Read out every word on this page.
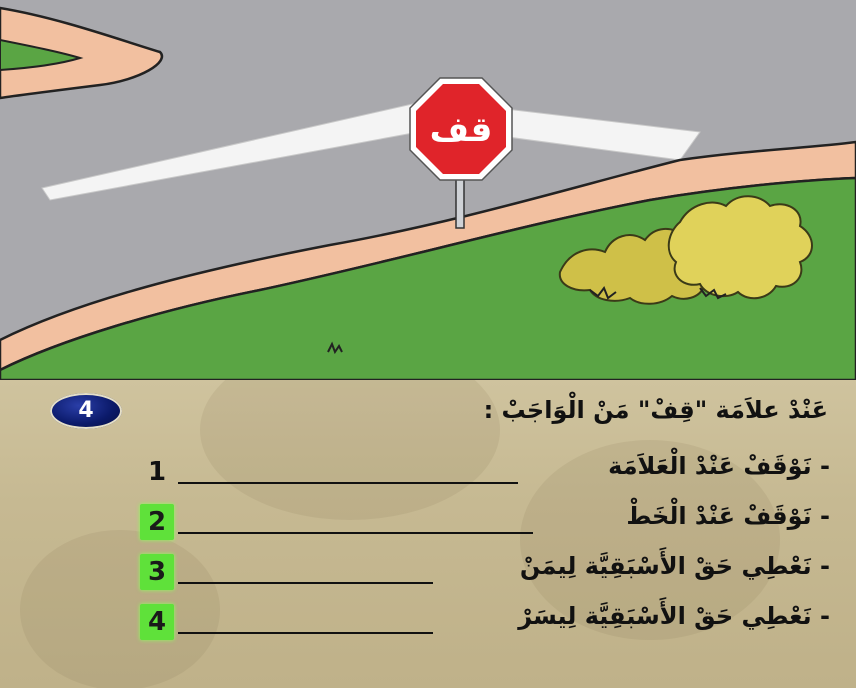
قف
4	عَنْدْ علاَمَة "قِفْ" مَنْ الْوَاجَبْ :
1	- نَوْقَفْ عَنْدْ الْعَلاَمَة
2	- نَوْقَفْ عَنْدْ الْخَطْ
3	- نَعْطِي حَقْ الأَسْبَقِيَّة لِيمَنْ
4	- نَعْطِي حَقْ الأَسْبَقِيَّة لِيسَرْ
